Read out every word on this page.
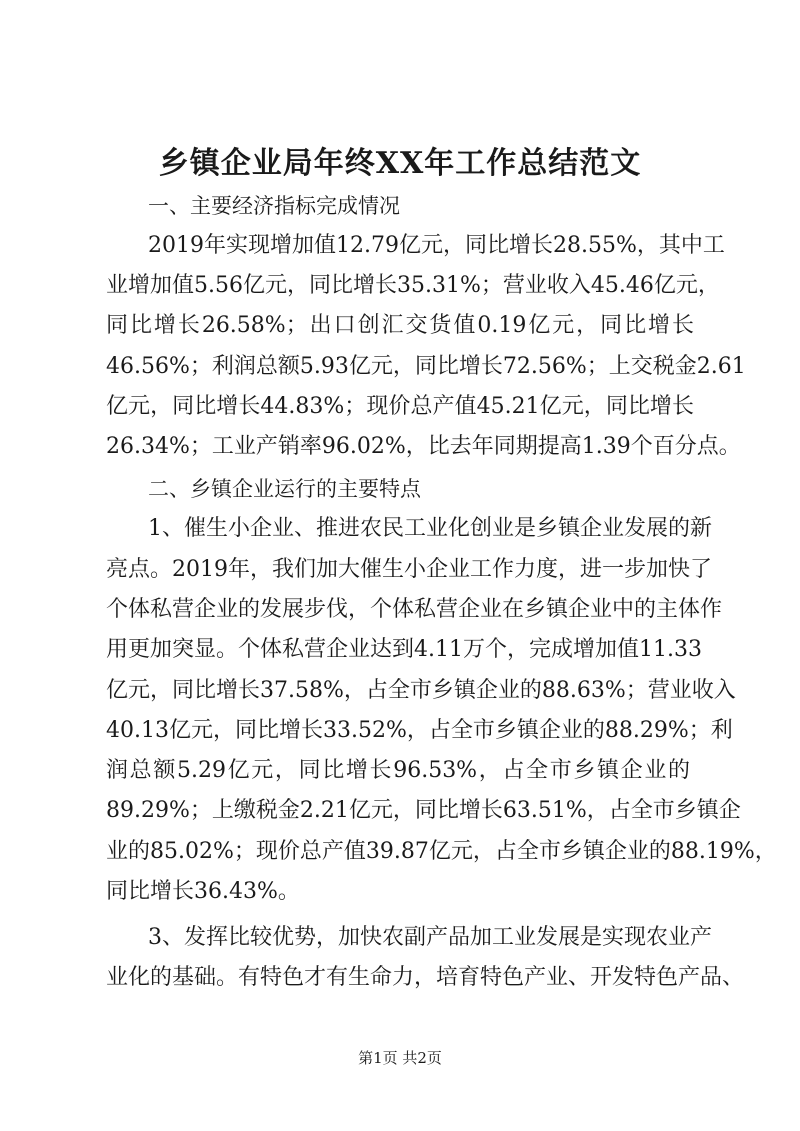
乡镇企业局年终XX年工作总结范文
一、主要经济指标完成情况
2019年实现增加值12.79亿元，同比增长28.55%，其中工
业增加值5.56亿元，同比增长35.31%；营业收入45.46亿元，
同比增长26.58%；出口创汇交货值0.19亿元，同比增长
46.56%；利润总额5.93亿元，同比增长72.56%；上交税金2.61
亿元，同比增长44.83%；现价总产值45.21亿元，同比增长
26.34%；工业产销率96.02%，比去年同期提高1.39个百分点。
二、乡镇企业运行的主要特点
1、催生小企业、推进农民工业化创业是乡镇企业发展的新
亮点。2019年，我们加大催生小企业工作力度，进一步加快了
个体私营企业的发展步伐，个体私营企业在乡镇企业中的主体作
用更加突显。个体私营企业达到4.11万个，完成增加值11.33
亿元，同比增长37.58%，占全市乡镇企业的88.63%；营业收入
40.13亿元，同比增长33.52%，占全市乡镇企业的88.29%；利
润总额5.29亿元，同比增长96.53%，占全市乡镇企业的
89.29%；上缴税金2.21亿元，同比增长63.51%，占全市乡镇企
业的85.02%；现价总产值39.87亿元，占全市乡镇企业的88.19%，
同比增长36.43%。
3、发挥比较优势，加快农副产品加工业发展是实现农业产
业化的基础。有特色才有生命力，培育特色产业、开发特色产品、
第1页 共2页
